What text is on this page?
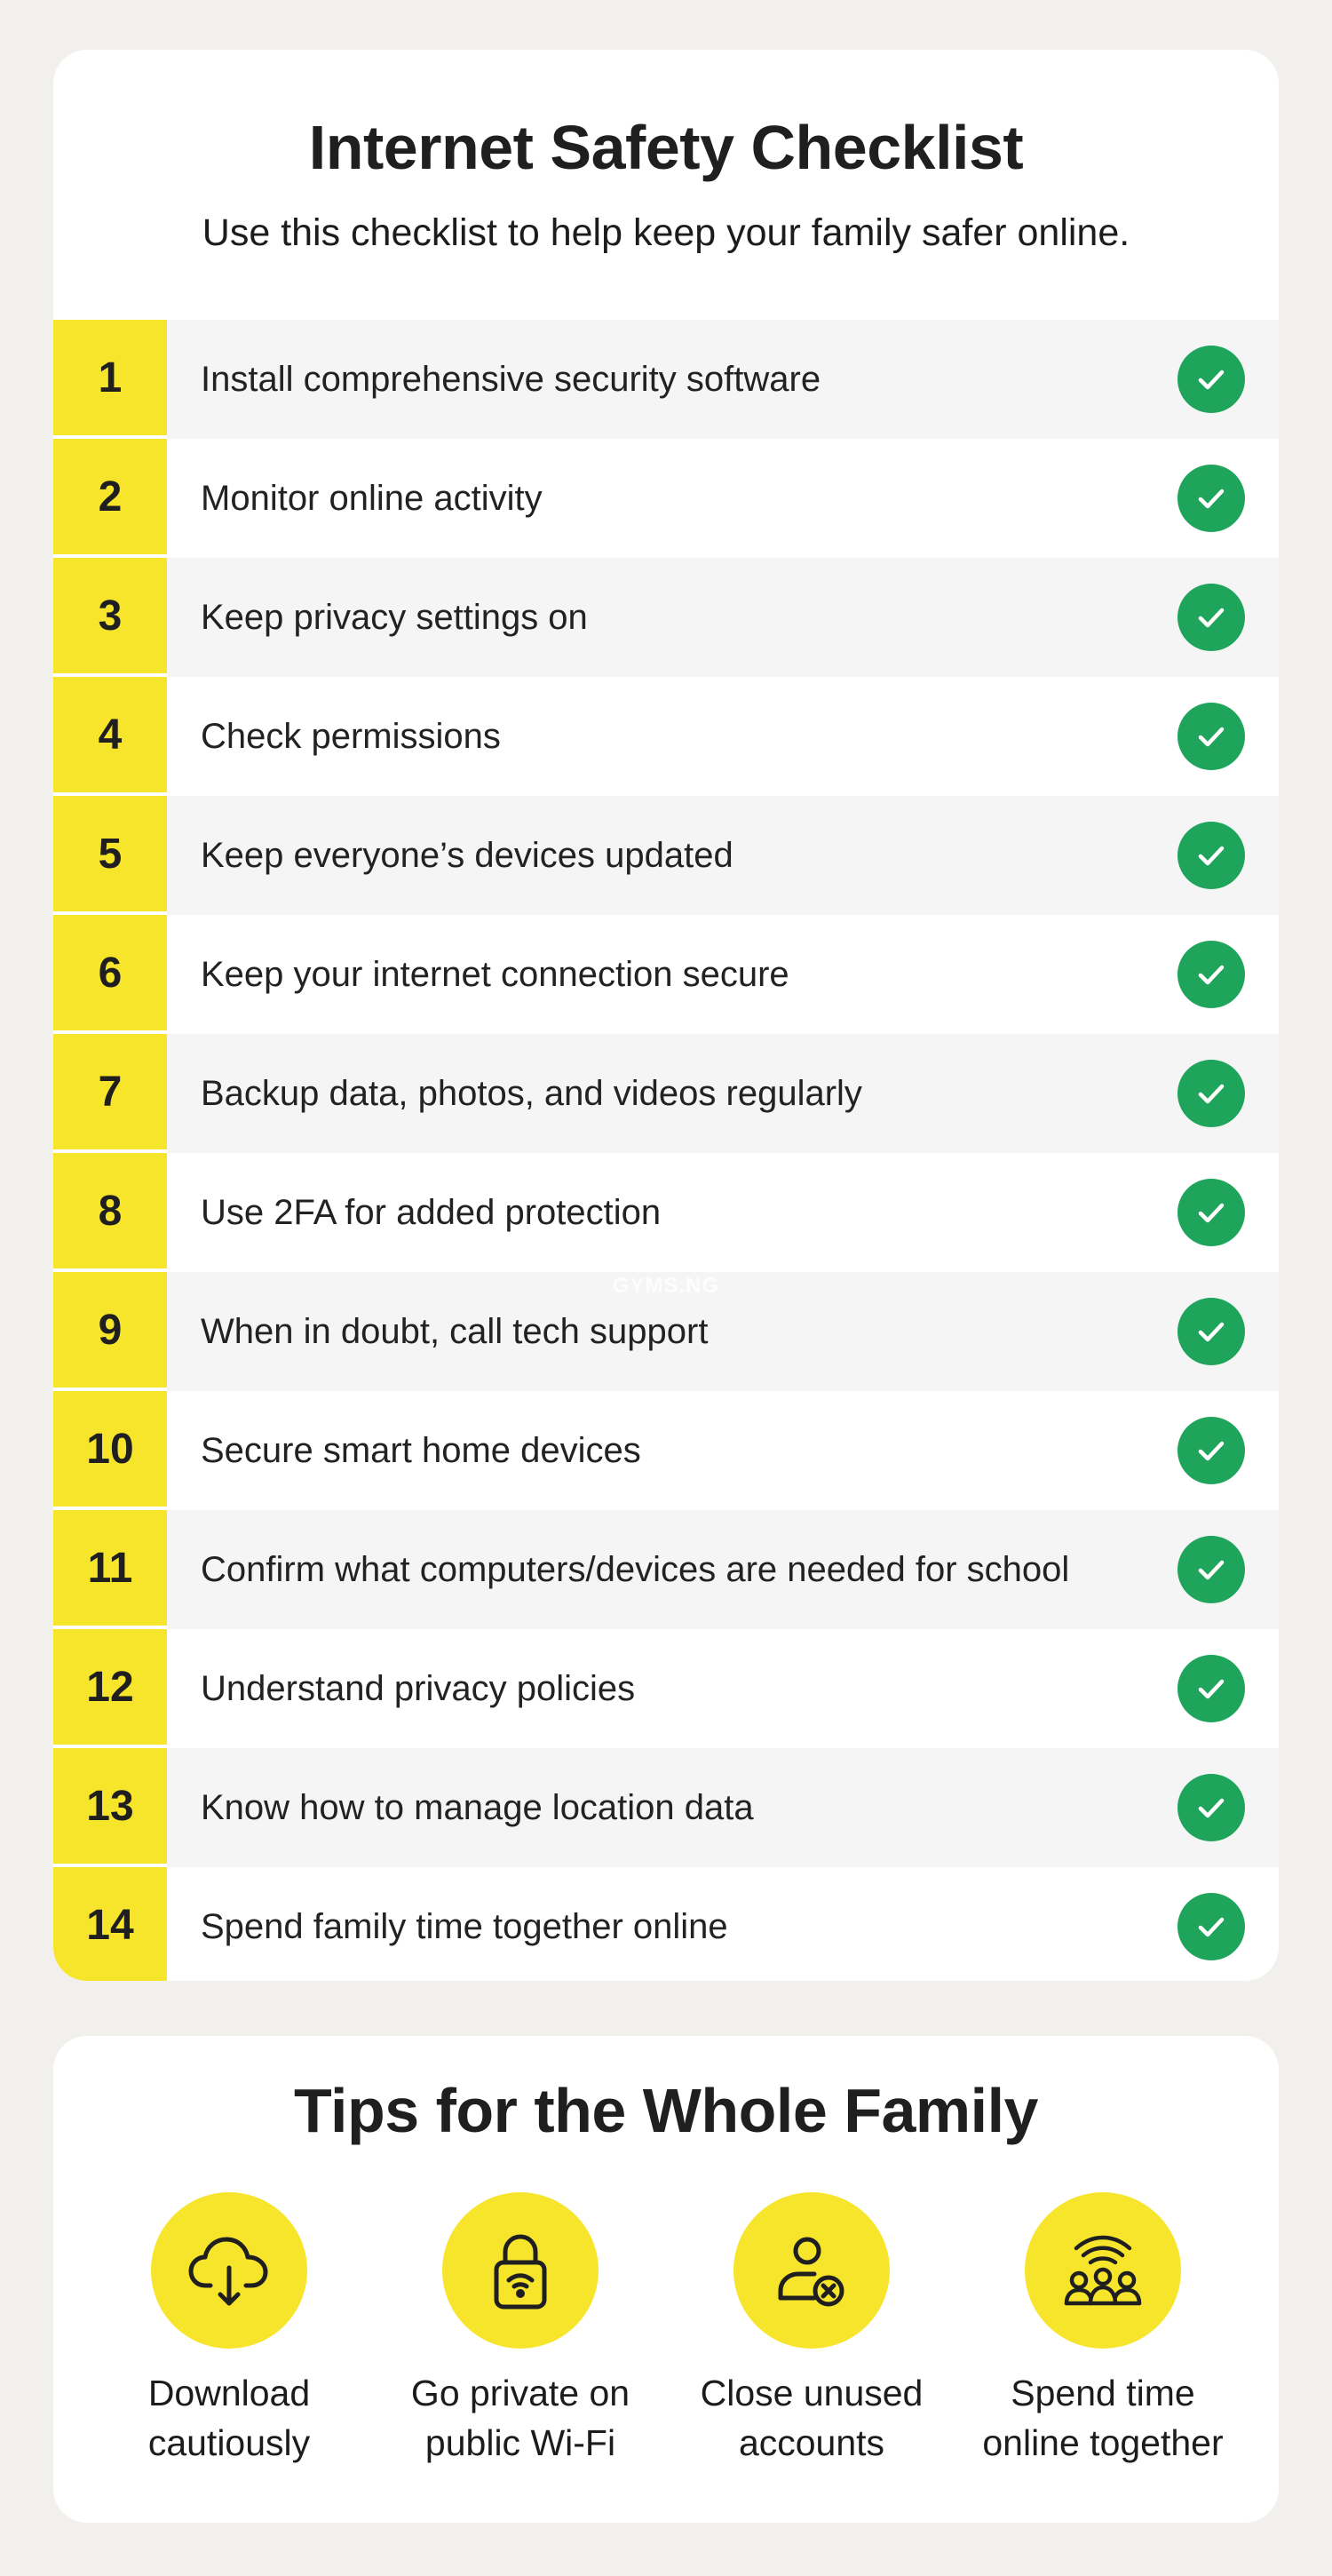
Internet Safety Checklist
Use this checklist to help keep your family safer online.
1	Install comprehensive security software
2	Monitor online activity
3	Keep privacy settings on
4	Check permissions
5	Keep everyone’s devices updated
6	Keep your internet connection secure
7	Backup data, photos, and videos regularly
8	Use 2FA for added protection
9	When in doubt, call tech support
10	Secure smart home devices
11	Confirm what computers/devices are needed for school
12	Understand privacy policies
13	Know how to manage location data
14	Spend family time together online
GYMS.NG
Tips for the Whole Family
Download
cautiously
Go private on
public Wi-Fi
Close unused
accounts
Spend time
online together
